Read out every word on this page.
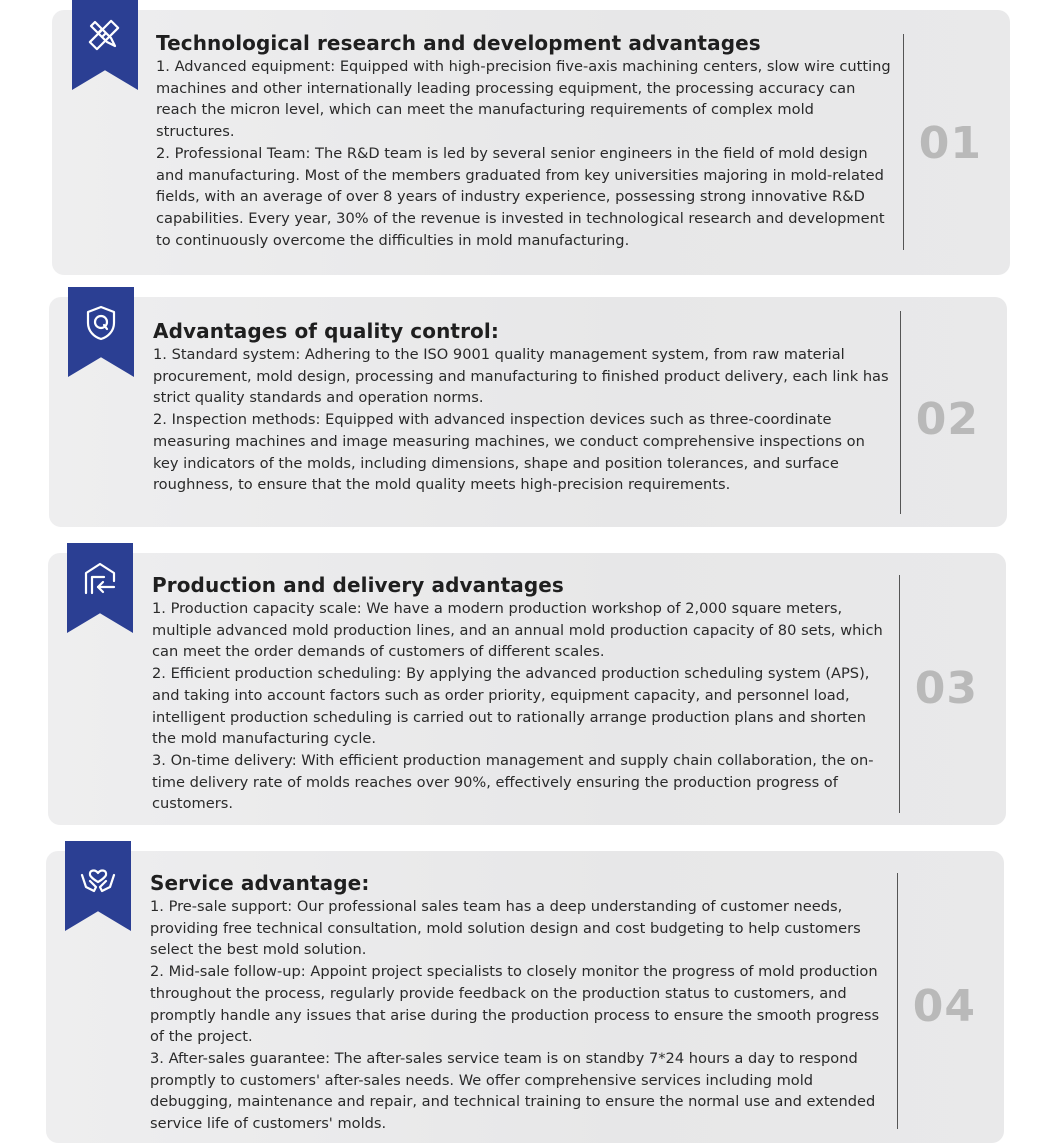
Technological research and development advantages

1. Advanced equipment: Equipped with high-precision five-axis machining centers, slow wire cutting machines and other internationally leading processing equipment, the processing accuracy can reach the micron level, which can meet the manufacturing requirements of complex mold structures.

2. Professional Team: The R&D team is led by several senior engineers in the field of mold design and manufacturing. Most of the members graduated from key universities majoring in mold-related fields, with an average of over 8 years of industry experience, possessing strong innovative R&D capabilities. Every year, 30% of the revenue is invested in technological research and development to continuously overcome the difficulties in mold manufacturing.

01
Advantages of quality control:

1. Standard system: Adhering to the ISO 9001 quality management system, from raw material procurement, mold design, processing and manufacturing to finished product delivery, each link has strict quality standards and operation norms.

2. Inspection methods: Equipped with advanced inspection devices such as three-coordinate measuring machines and image measuring machines, we conduct comprehensive inspections on key indicators of the molds, including dimensions, shape and position tolerances, and surface roughness, to ensure that the mold quality meets high-precision requirements.

02
Production and delivery advantages

1. Production capacity scale: We have a modern production workshop of 2,000 square meters, multiple advanced mold production lines, and an annual mold production capacity of 80 sets, which can meet the order demands of customers of different scales.

2. Efficient production scheduling: By applying the advanced production scheduling system (APS), and taking into account factors such as order priority, equipment capacity, and personnel load, intelligent production scheduling is carried out to rationally arrange production plans and shorten the mold manufacturing cycle.

3. On-time delivery: With efficient production management and supply chain collaboration, the on-time delivery rate of molds reaches over 90%, effectively ensuring the production progress of customers.

03
Service advantage:

1. Pre-sale support: Our professional sales team has a deep understanding of customer needs, providing free technical consultation, mold solution design and cost budgeting to help customers select the best mold solution.

2. Mid-sale follow-up: Appoint project specialists to closely monitor the progress of mold production throughout the process, regularly provide feedback on the production status to customers, and promptly handle any issues that arise during the production process to ensure the smooth progress of the project.

3. After-sales guarantee: The after-sales service team is on standby 7*24 hours a day to respond promptly to customers' after-sales needs. We offer comprehensive services including mold debugging, maintenance and repair, and technical training to ensure the normal use and extended service life of customers' molds.

04
